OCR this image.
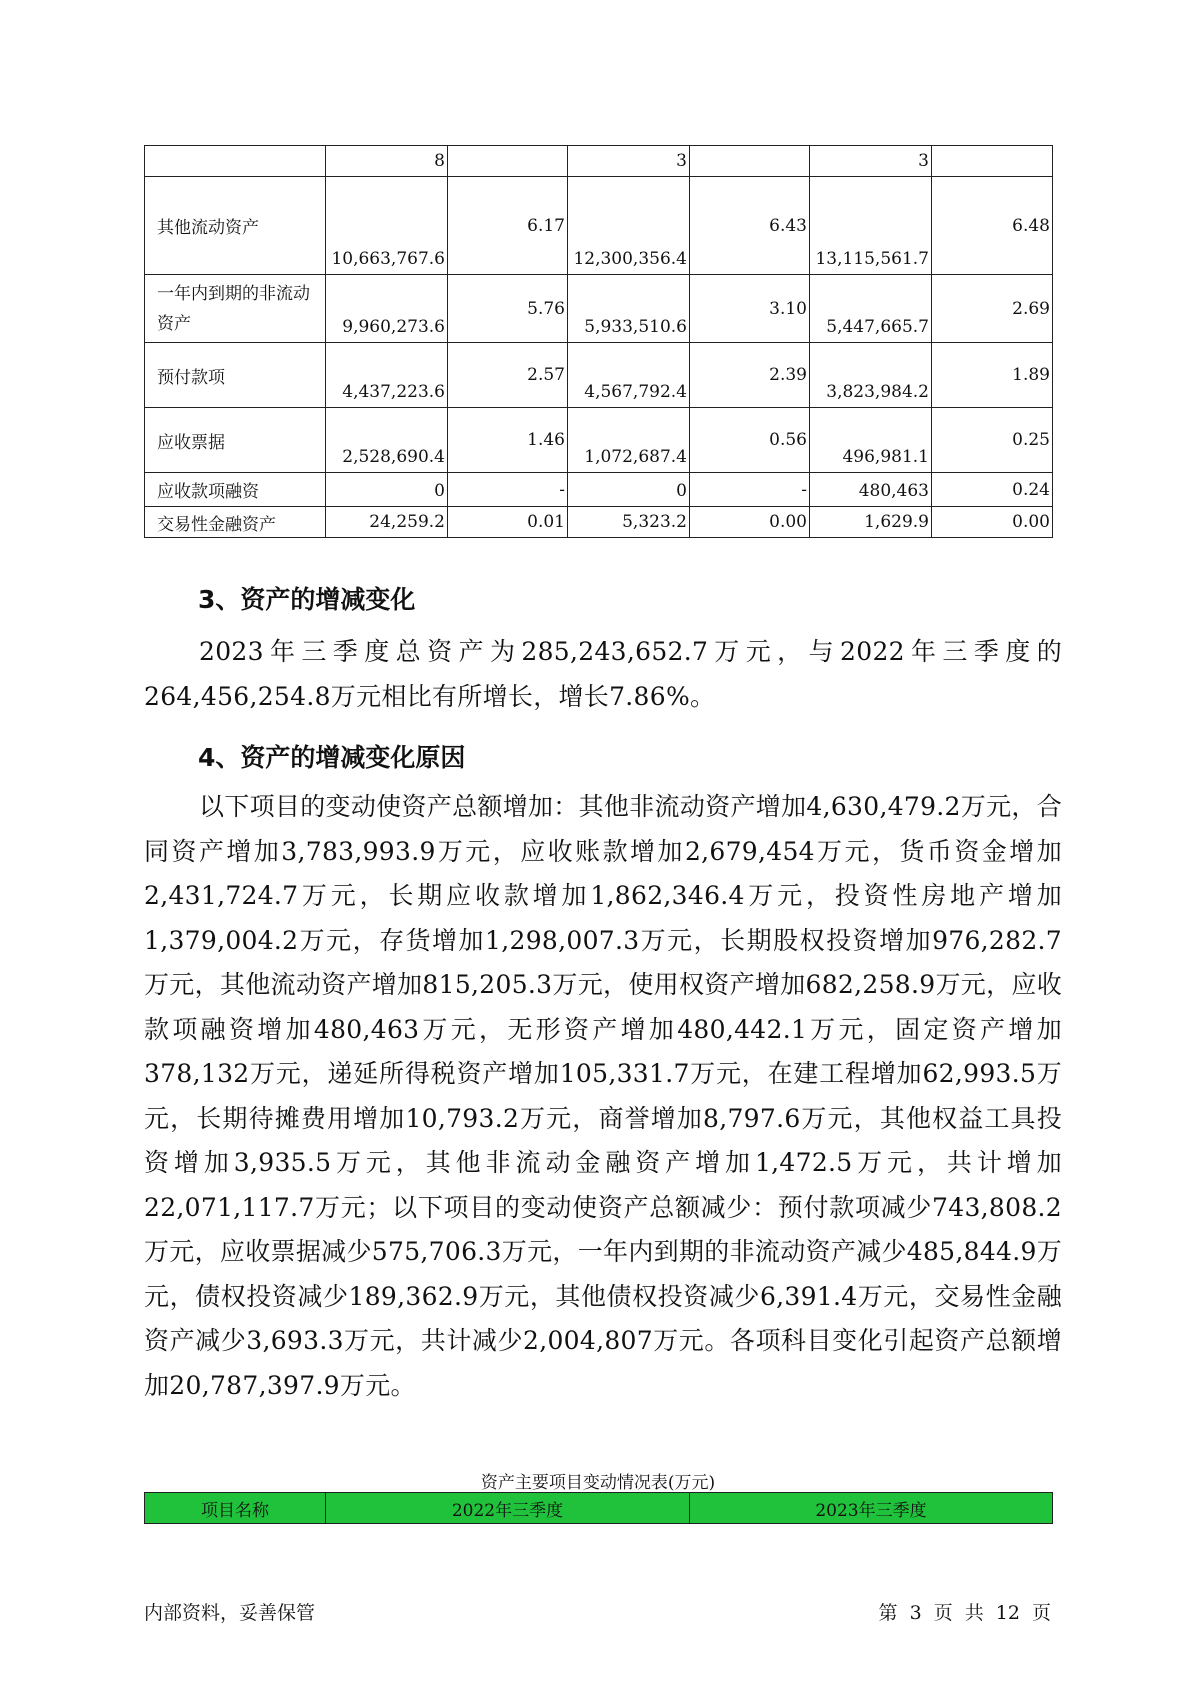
	8		3		3	
其他流动资产	10,663,767.6	6.17	12,300,356.4	6.43	13,115,561.7	6.48
一年内到期的非流动资产	9,960,273.6	5.76	5,933,510.6	3.10	5,447,665.7	2.69
预付款项	4,437,223.6	2.57	4,567,792.4	2.39	3,823,984.2	1.89
应收票据	2,528,690.4	1.46	1,072,687.4	0.56	496,981.1	0.25
应收款项融资	0	-	0	-	480,463	0.24
交易性金融资产	24,259.2	0.01	5,323.2	0.00	1,629.9	0.00
3、资产的增减变化

2023年三季度总资产为285,243,652.7万元，与2022年三季度的264,456,254.8万元相比有所增长，增长7.86%。

4、资产的增减变化原因

以下项目的变动使资产总额增加：其他非流动资产增加4,630,479.2万元，合同资产增加3,783,993.9万元，应收账款增加2,679,454万元，货币资金增加2,431,724.7万元，长期应收款增加1,862,346.4万元，投资性房地产增加1,379,004.2万元，存货增加1,298,007.3万元，长期股权投资增加976,282.7万元，其他流动资产增加815,205.3万元，使用权资产增加682,258.9万元，应收款项融资增加480,463万元，无形资产增加480,442.1万元，固定资产增加378,132万元，递延所得税资产增加105,331.7万元，在建工程增加62,993.5万元，长期待摊费用增加10,793.2万元，商誉增加8,797.6万元，其他权益工具投资增加3,935.5万元，其他非流动金融资产增加1,472.5万元，共计增加22,071,117.7万元；以下项目的变动使资产总额减少：预付款项减少743,808.2万元，应收票据减少575,706.3万元，一年内到期的非流动资产减少485,844.9万元，债权投资减少189,362.9万元，其他债权投资减少6,391.4万元，交易性金融资产减少3,693.3万元，共计减少2,004,807万元。各项科目变化引起资产总额增加20,787,397.9万元。

资产主要项目变动情况表(万元)
项目名称	2022年三季度	2023年三季度
内部资料，妥善保管	第 3 页 共 12 页
